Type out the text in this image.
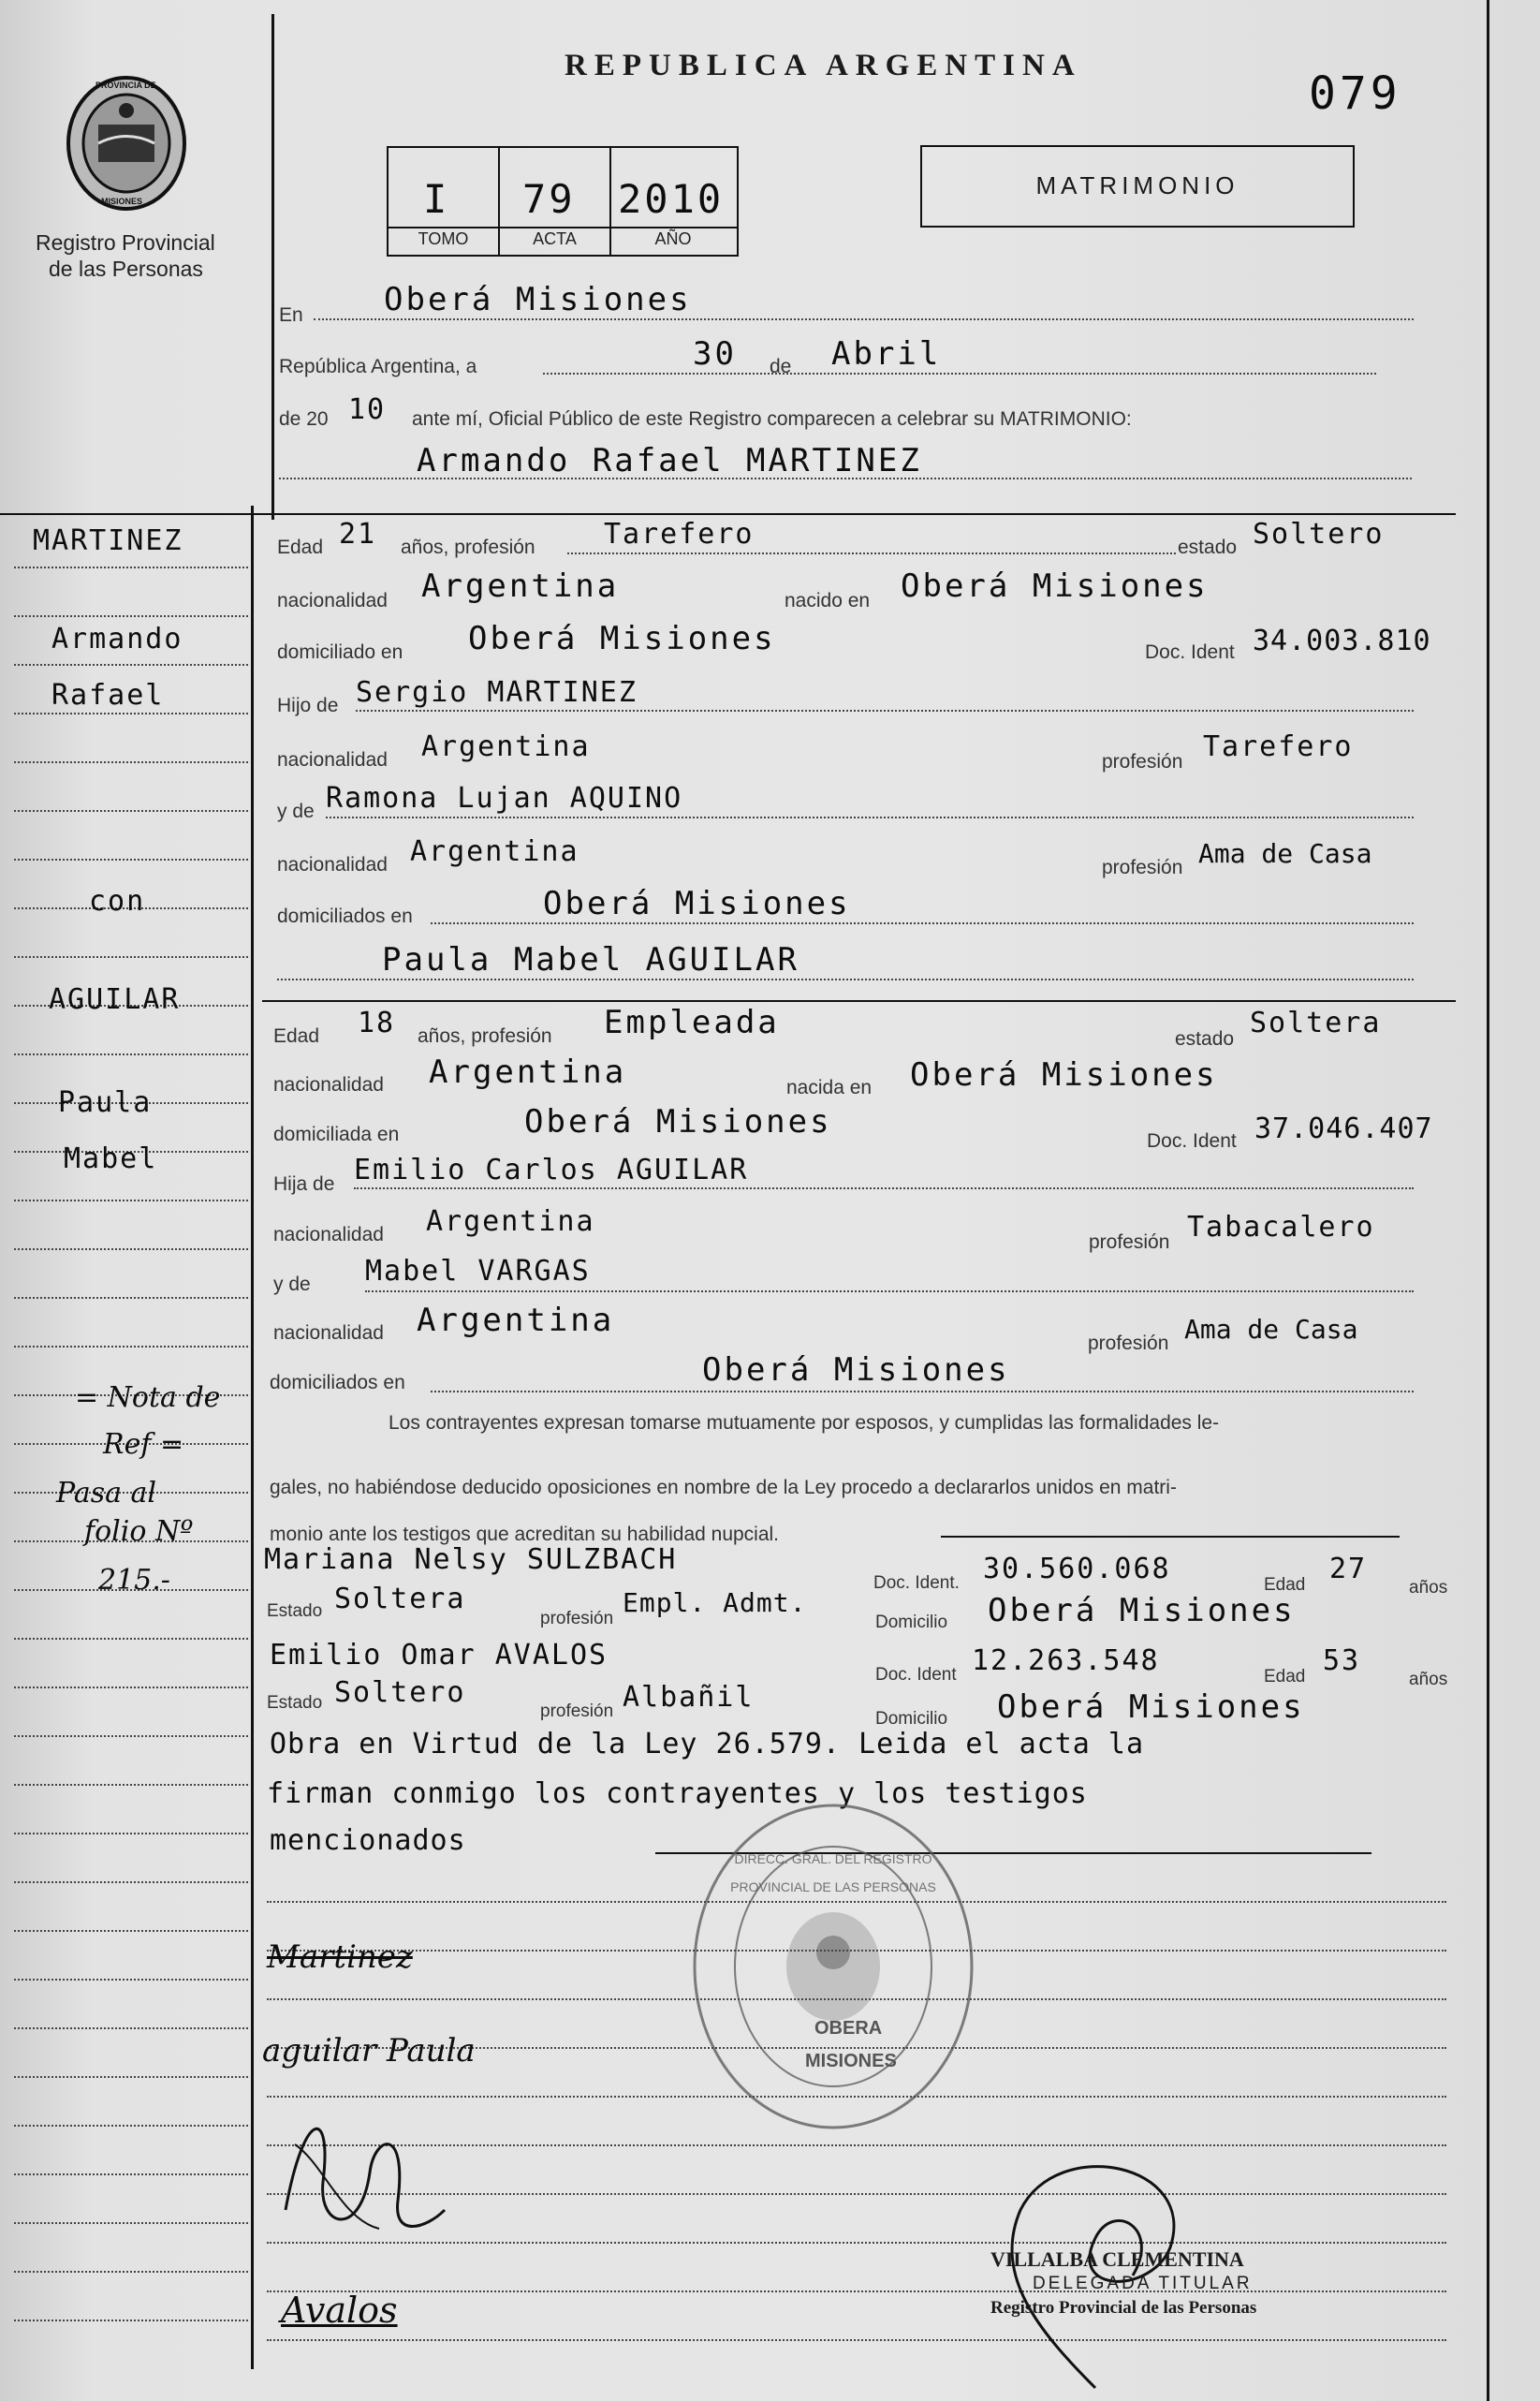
PROVINCIA DE
MISIONES
Registro Provincial
de las Personas
REPUBLICA ARGENTINA
079
I 79 2010
TOMO	ACTA	AÑO
MATRIMONIO
En	Oberá Misiones
República Argentina, a	30 de Abril
de 20 10 ante mí, Oficial Público de este Registro comparecen a celebrar su MATRIMONIO:
Armando Rafael MARTINEZ
MARTINEZ
Armando
Rafael
con
AGUILAR
Paula
Mabel
= Nota de
Ref =
Pasa al
folio Nº
215.-
Edad 21 años, profesión Tarefero	estado Soltero
nacionalidad Argentina	nacido en Oberá Misiones
domiciliado en Oberá Misiones	Doc. Ident 34.003.810
Hijo de Sergio MARTINEZ
nacionalidad Argentina	profesión Tarefero
y de Ramona Lujan AQUINO
nacionalidad Argentina	profesión Ama de Casa
domiciliados en	Oberá Misiones
Paula Mabel AGUILAR
Edad 18 años, profesión Empleada	estado Soltera
nacionalidad Argentina	nacida en Oberá Misiones
domiciliada en	Oberá Misiones
Doc. Ident 37.046.407
Hija de Emilio Carlos AGUILAR
nacionalidad Argentina
profesión Tabacalero
y de Mabel VARGAS
nacionalidad Argentina
profesión Ama de Casa
domiciliados en	Oberá Misiones
Los contrayentes expresan tomarse mutuamente por esposos, y cumplidas las formalidades le-
gales, no habiéndose deducido oposiciones en nombre de la Ley procedo a declararlos unidos en matri-
monio ante los testigos que acreditan su habilidad nupcial.
Mariana Nelsy SULZBACH
Doc. Ident. 30.560.068	Edad 27
años
Estado Soltera
profesión
Empl. Admt.
Domicilio Oberá Misiones
Emilio Omar AVALOS
Doc. Ident 12.263.548	Edad 53
años
Estado Soltero
profesión Albañil
Domicilio Oberá Misiones
Obra en Virtud de la Ley 26.579. Leida el acta la
firman conmigo los contrayentes y los testigos
mencionados
DIRECC. GRAL. DEL REGISTRO PROVINCIAL DE LAS PERSONAS
OBERA
MISIONES
Martinez
aguilar Paula
Avalos
VILLALBA CLEMENTINA
DELEGADA TITULAR
Registro Provincial de las Personas
